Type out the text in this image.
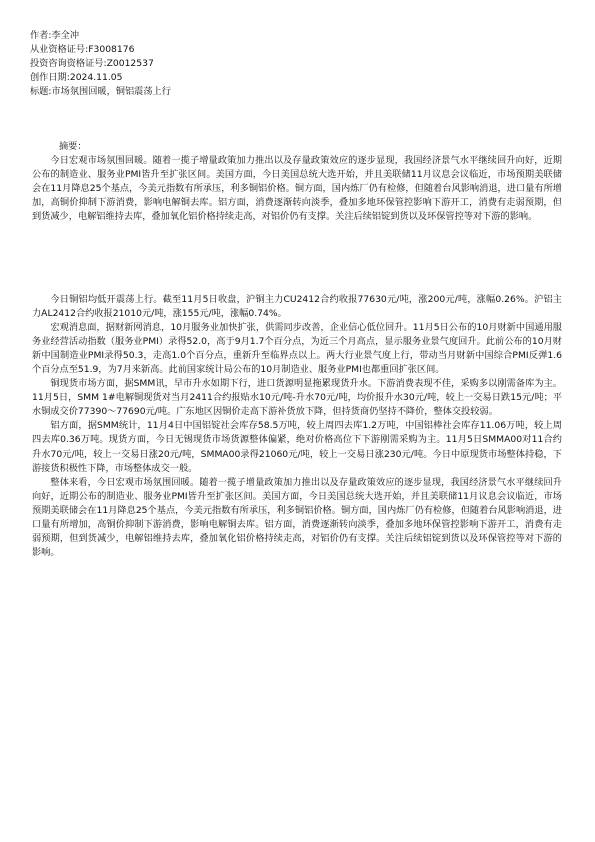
作者:李全冲
从业资格证号:F3008176
投资咨询资格证号:Z0012537
创作日期:2024.11.05
标题:市场氛围回暖，铜铝震荡上行
摘要：

今日宏观市场氛围回暖。随着一揽子增量政策加力推出以及存量政策效应的逐步显现，我国经济景气水平继续回升向好，近期公布的制造业、服务业PMI皆升至扩张区间。美国方面，今日美国总统大选开始，并且美联储11月议息会议临近，市场预期美联储会在11月降息25个基点，今美元指数有所承压，利多铜铝价格。铜方面，国内炼厂仍有检修，但随着台风影响消退，进口量有所增加，高铜价抑制下游消费，影响电解铜去库。铝方面，消费逐渐转向淡季，叠加多地环保管控影响下游开工，消费有走弱预期，但到货减少，电解铝维持去库，叠加氧化铝价格持续走高，对铝价仍有支撑。关注后续铝锭到货以及环保管控等对下游的影响。

今日铜铝均低开震荡上行。截至11月5日收盘，沪铜主力CU2412合约收报77630元/吨，涨200元/吨，涨幅0.26%。沪铝主力AL2412合约收报21010元/吨，涨155元/吨，涨幅0.74%。

宏观消息面，据财新网消息，10月服务业加快扩张，供需同步改善，企业信心低位回升。11月5日公布的10月财新中国通用服务业经营活动指数（服务业PMI）录得52.0，高于9月1.7个百分点，为近三个月高点，显示服务业景气度回升。此前公布的10月财新中国制造业PMI录得50.3，走高1.0个百分点，重新升至临界点以上。两大行业景气度上行，带动当月财新中国综合PMI反弹1.6个百分点至51.9，为7月来新高。此前国家统计局公布的10月制造业、服务业PMI也都重回扩张区间。

铜现货市场方面，据SMM讯，早市升水如期下行，进口货源明显拖累现货升水。下游消费表现不佳，采购多以刚需备库为主。11月5日，SMM 1#电解铜现货对当月2411合约报贴水10元/吨-升水70元/吨，均价报升水30元/吨，较上一交易日跌15元/吨；平水铜成交价77390～77690元/吨。广东地区因铜价走高下游补货放下降，但持货商仍坚持不降价，整体交投较弱。

铝方面，据SMM统计，11月4日中国铝锭社会库存58.5万吨，较上周四去库1.2万吨，中国铝棒社会库存11.06万吨，较上周四去库0.36万吨。现货方面，今日无锡现货市场货源整体偏紧，绝对价格高位下下游刚需采购为主。11月5日SMMA00对11合约升水70元/吨，较上一交易日涨20元/吨，SMMA00录得21060元/吨，较上一交易日涨230元/吨。今日中原现货市场整体持稳，下游接货积极性下降，市场整体成交一般。

整体来看，今日宏观市场氛围回暖。随着一揽子增量政策加力推出以及存量政策效应的逐步显现，我国经济景气水平继续回升向好，近期公布的制造业、服务业PMI皆升至扩张区间。美国方面，今日美国总统大选开始，并且美联储11月议息会议临近，市场预期美联储会在11月降息25个基点，今美元指数有所承压，利多铜铝价格。铜方面，国内炼厂仍有检修，但随着台风影响消退，进口量有所增加，高铜价抑制下游消费，影响电解铜去库。铝方面，消费逐渐转向淡季，叠加多地环保管控影响下游开工，消费有走弱预期，但到货减少，电解铝维持去库，叠加氧化铝价格持续走高，对铝价仍有支撑。关注后续铝锭到货以及环保管控等对下游的影响。
